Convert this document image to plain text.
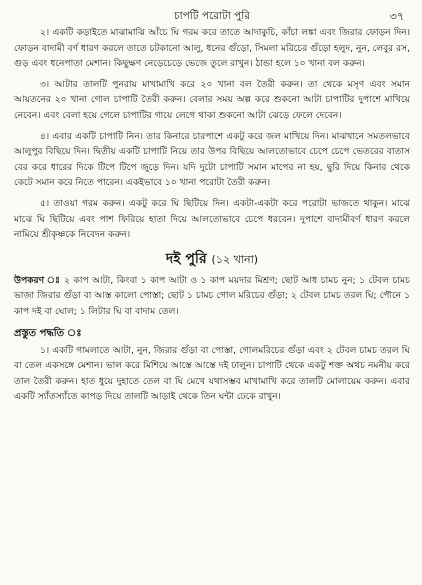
চাপটি পরোটা পুরি	৩৭

২। একটি কড়াইতে মাঝামাঝি আঁচে ঘি গরম করে তাতে আদাকুচি, কাঁচা লঙ্কা এবং জিরার ফোড়ন দিন। ফোড়ন বাদামী বর্ণ ধারণ করলে তাতে চটকানো আলু, ধনের গুঁড়ো, সিমলা মরিচের গুঁড়ো হলুদ, নুন, লেবুর রস, গুড় এবং ধনেপাতা মেশান। কিছুক্ষণ নেড়েচেড়ে ভেজে তুলে রাখুন। ঠান্ডা হলে ১০ খানা বল করুন।

৩। আটার তালটি পুনরায় মাখামাখি করে ২০ খানা বল তৈরী করুন। তা থেকে মসৃণ এবং সমান আয়তনের ২০ খানা গোল চাপাটি তৈরী করুন। বেলার সময় অল্প করে শুকনো আটা চাপাটির দুপাশে মাখিয়ে নেবেন। এবং বেলা হয়ে গেলে চাপাটির গায়ে লেগে থাকা শুকনো আটা ঝেড়ে ফেলে দেবেন।

৪। এবার একটি চাপাটি নিন। তার কিনারে চারপাশে একটু করে জল মাখিয়ে দিন। মাঝখানে সমতলভাবে আলুপুর বিছিয়ে দিন। দ্বিতীয় একটি চাপাটি নিয়ে তার উপর বিছিয়ে আলতোভাবে চেপে চেপে ভেতরের বাতাস বের করে ধারের দিকে টিপে টিপে জুড়ে দিন। যদি দুটো চাপাটি সমান মাপের না হয়, ছুরি দিয়ে কিনার থেকে কেটে সমান করে নিতে পারেন। একইভাবে ১০ খানা পরোটা তৈরী করুন।

৫। তাওয়া গরম করুন। একটু করে ঘি ছিটিয়ে দিন। একটা-একটা করে পরোটা ভাজতে থাকুন। মাঝে মাঝে ঘি ছিটিয়ে এবং পাশ ফিরিয়ে হাতা দিয়ে আলতোভাবে চেপে ধরবেন। দুপাশে বাদামীবর্ণ ধারণ করলে নামিয়ে শ্রীকৃষ্ণকে নিবেদন করুন।

দই পুরি (১২ খানা)

উপকরণ ঃ ২ কাপ আটা, কিংবা ১ কাপ আটা ও ১ কাপ ময়দার মিশ্রণ; ছোট আধ চামচ নুন; ১ টেবল চামচ ভাজা জিরার গুঁড়া বা আস্ত কালো পোস্তা; ছোট ১ চামচ গোল মরিচের গুঁড়া; ২ টেবল চামচ তরল ঘি; পৌনে ১ কাপ দই বা ঘোল; ১ লিটার ঘি বা বাদাম তেল।

প্রস্তুত পদ্ধতি ঃ

১। একটি গামলাতে আটা, নুন, জিরার গুঁড়া বা পোস্তা, গোলমরিচের গুঁড়া এবং ২ টেবল চামচ তরল ঘি বা তেল একসঙ্গে মেশান। ভাল করে মিশিয়ে আস্তে আস্তে দই ঢালুন। চাপাটি থেকে একটু শক্ত অথচ নমনীয় করে তাল তৈরী করুন। হাত ধুয়ে দুহাতে তেল বা ঘি মেখে যথাসম্ভব মাখামাখি করে তালটি মোলায়েম করুন। এবার একটি স্যাঁতস্যাঁতে কাপড় দিয়ে তালটি আড়াই থেকে তিন ঘন্টা ঢেকে রাখুন।
